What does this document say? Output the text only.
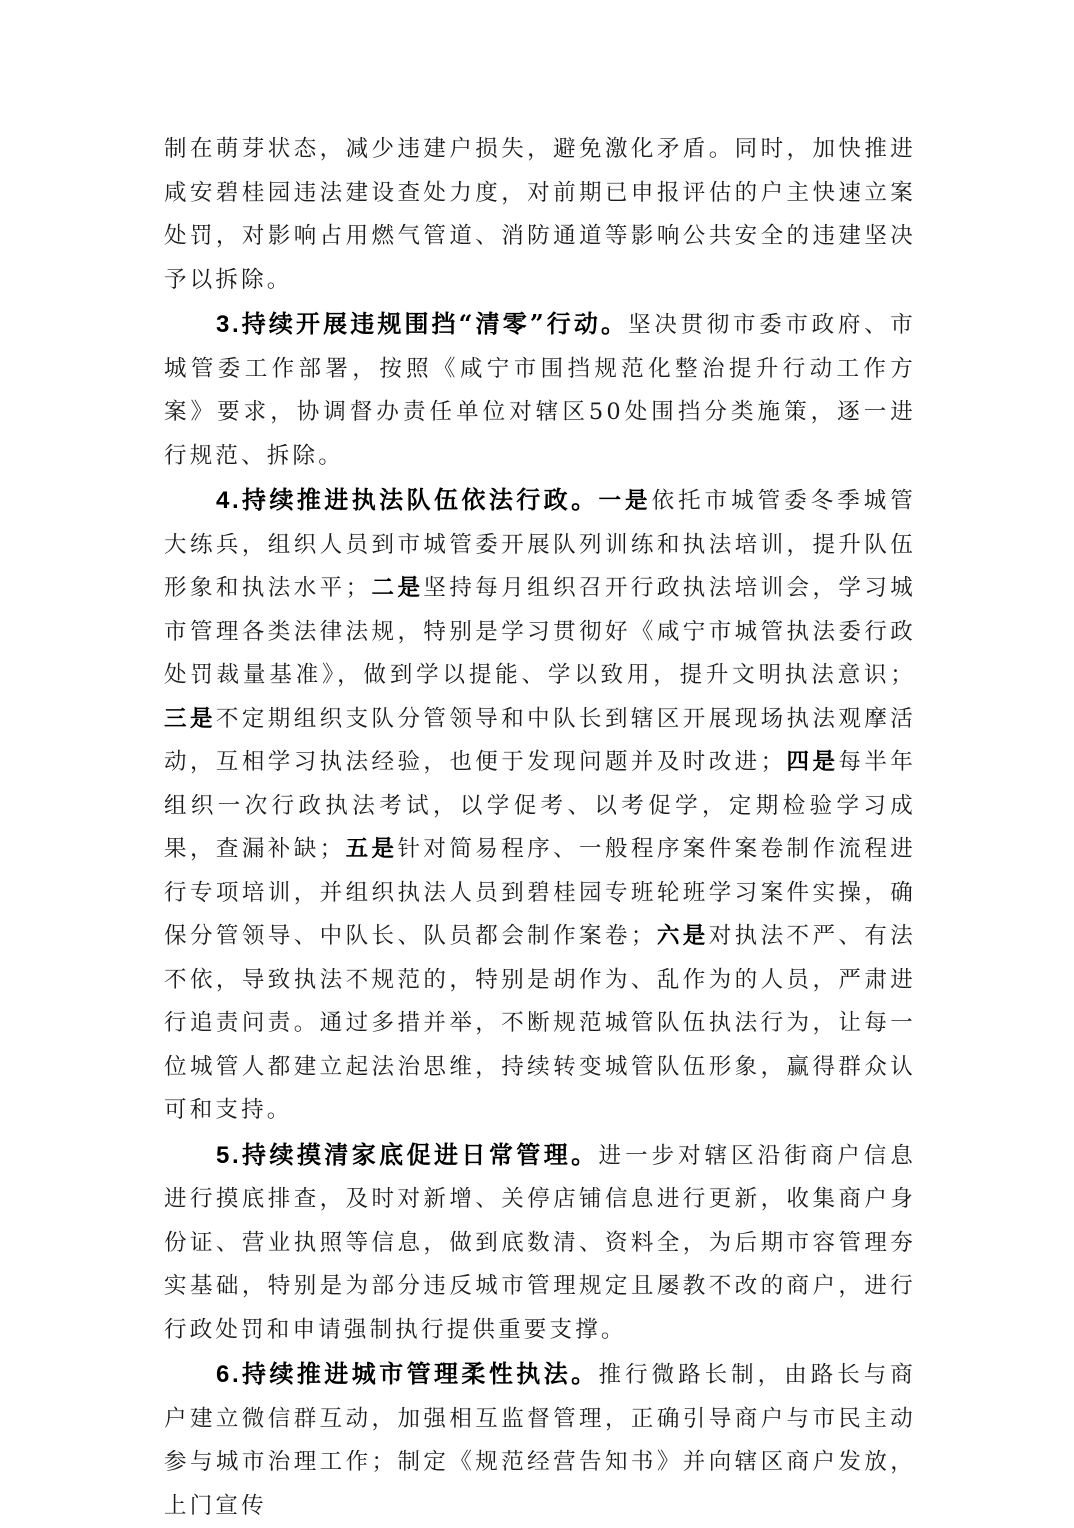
制在萌芽状态，减少违建户损失，避免激化矛盾。同时，加快推进咸安碧桂园违法建设查处力度，对前期已申报评估的户主快速立案处罚，对影响占用燃气管道、消防通道等影响公共安全的违建坚决予以拆除。

3.持续开展违规围挡“清零”行动。坚决贯彻市委市政府、市城管委工作部署，按照《咸宁市围挡规范化整治提升行动工作方案》要求，协调督办责任单位对辖区50处围挡分类施策，逐一进行规范、拆除。

4.持续推进执法队伍依法行政。一是依托市城管委冬季城管大练兵，组织人员到市城管委开展队列训练和执法培训，提升队伍形象和执法水平；二是坚持每月组织召开行政执法培训会，学习城市管理各类法律法规，特别是学习贯彻好《咸宁市城管执法委行政处罚裁量基准》，做到学以提能、学以致用，提升文明执法意识；三是不定期组织支队分管领导和中队长到辖区开展现场执法观摩活动，互相学习执法经验，也便于发现问题并及时改进；四是每半年组织一次行政执法考试，以学促考、以考促学，定期检验学习成果，查漏补缺；五是针对简易程序、一般程序案件案卷制作流程进行专项培训，并组织执法人员到碧桂园专班轮班学习案件实操，确保分管领导、中队长、队员都会制作案卷；六是对执法不严、有法不依，导致执法不规范的，特别是胡作为、乱作为的人员，严肃进行追责问责。通过多措并举，不断规范城管队伍执法行为，让每一位城管人都建立起法治思维，持续转变城管队伍形象，赢得群众认可和支持。

5.持续摸清家底促进日常管理。进一步对辖区沿街商户信息进行摸底排查，及时对新增、关停店铺信息进行更新，收集商户身份证、营业执照等信息，做到底数清、资料全，为后期市容管理夯实基础，特别是为部分违反城市管理规定且屡教不改的商户，进行行政处罚和申请强制执行提供重要支撑。

6.持续推进城市管理柔性执法。推行微路长制，由路长与商户建立微信群互动，加强相互监督管理，正确引导商户与市民主动参与城市治理工作；制定《规范经营告知书》并向辖区商户发放，上门宣传
